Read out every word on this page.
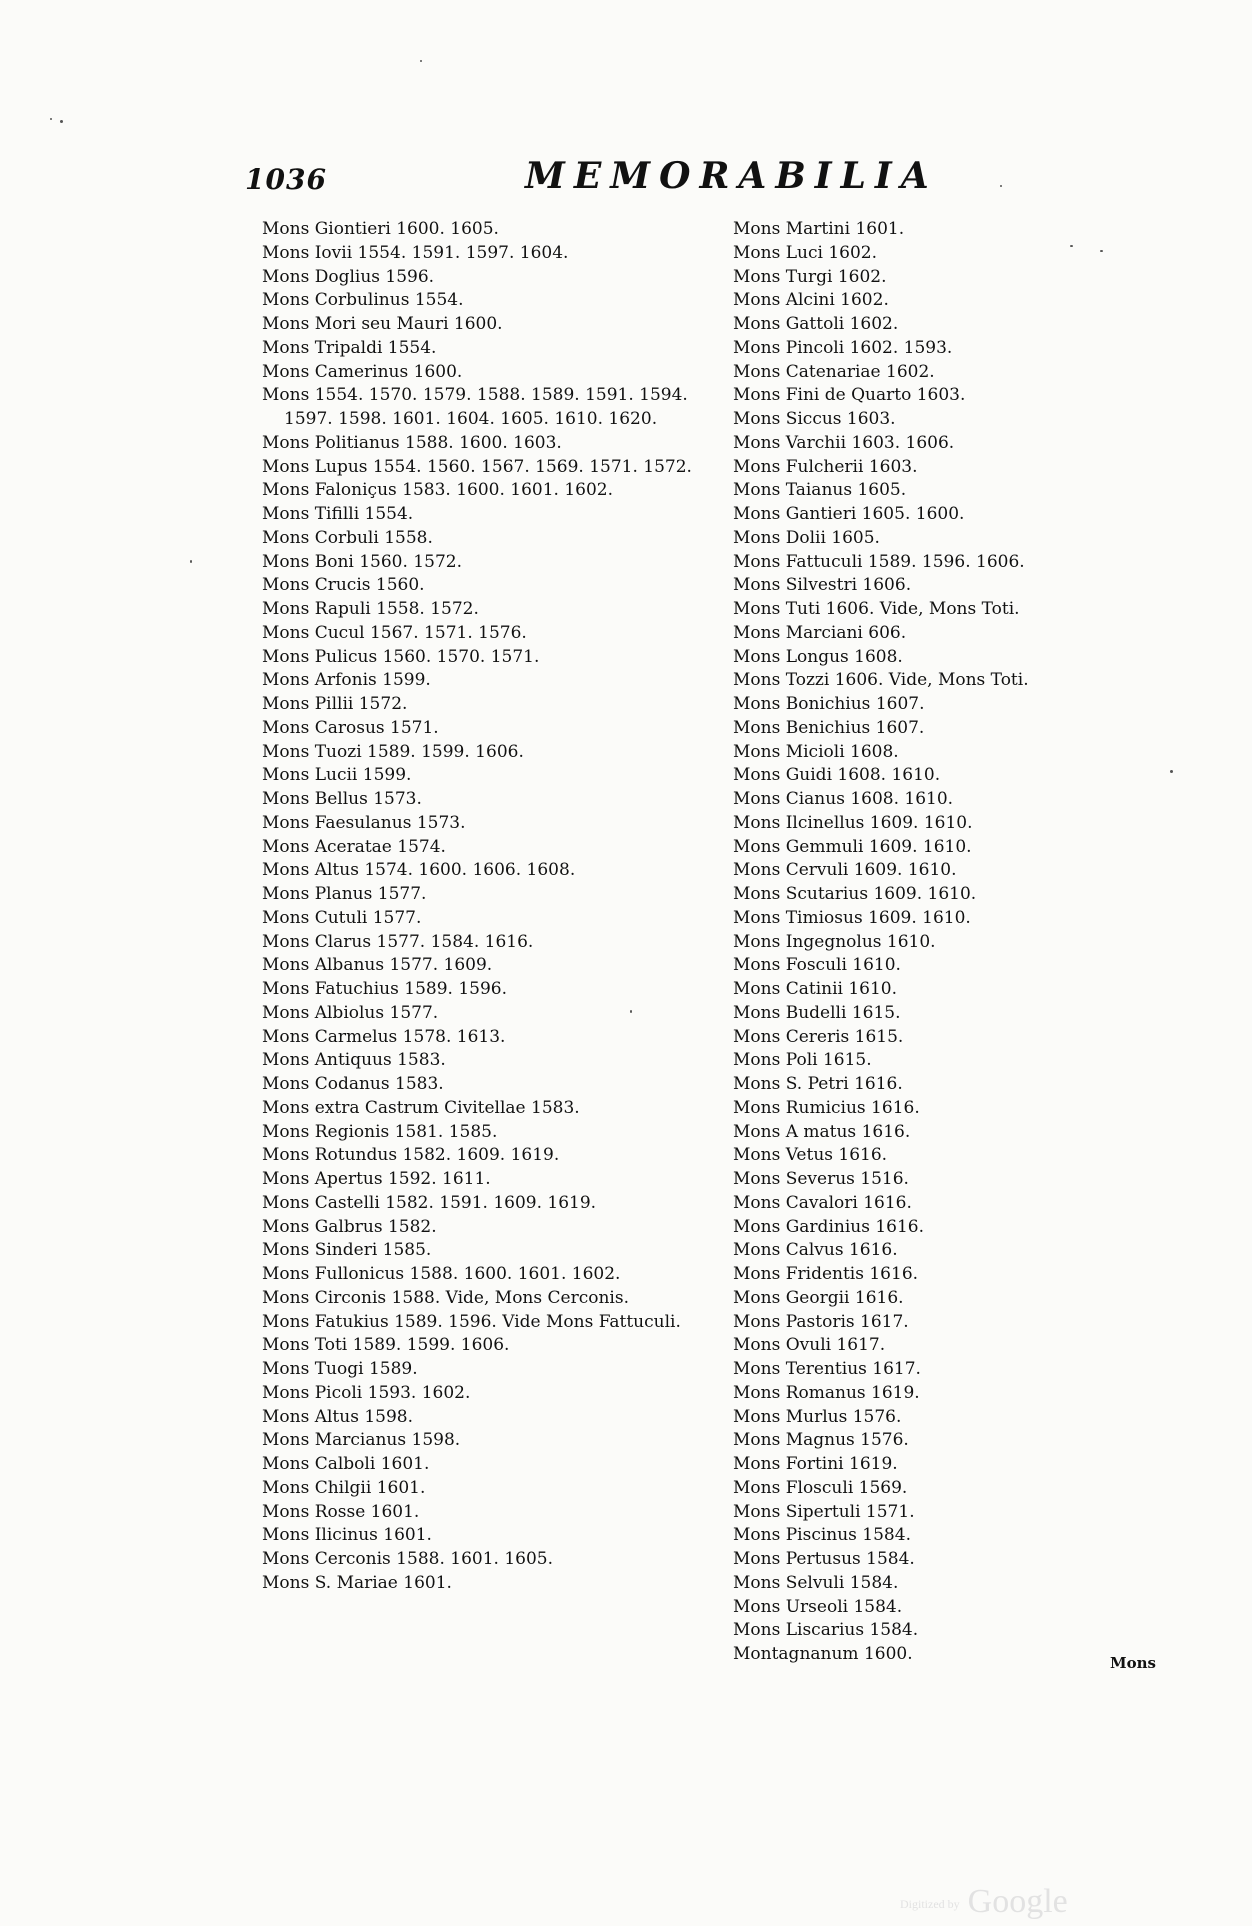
1036	MEMORABILIA
Mons Giontieri 1600. 1605.
Mons Iovii 1554. 1591. 1597. 1604.
Mons Doglius 1596.
Mons Corbulinus 1554.
Mons Mori seu Mauri 1600.
Mons Tripaldi 1554.
Mons Camerinus 1600.
Mons 1554. 1570. 1579. 1588. 1589. 1591. 1594. 1597. 1598. 1601. 1604. 1605. 1610. 1620.
Mons Politianus 1588. 1600. 1603.
Mons Lupus 1554. 1560. 1567. 1569. 1571. 1572.
Mons Faloniçus 1583. 1600. 1601. 1602.
Mons Tifilli 1554.
Mons Corbuli 1558.
Mons Boni 1560. 1572.
Mons Crucis 1560.
Mons Rapuli 1558. 1572.
Mons Cucul 1567. 1571. 1576.
Mons Pulicus 1560. 1570. 1571.
Mons Arfonis 1599.
Mons Pillii 1572.
Mons Carosus 1571.
Mons Tuozi 1589. 1599. 1606.
Mons Lucii 1599.
Mons Bellus 1573.
Mons Faesulanus 1573.
Mons Aceratae 1574.
Mons Altus 1574. 1600. 1606. 1608.
Mons Planus 1577.
Mons Cutuli 1577.
Mons Clarus 1577. 1584. 1616.
Mons Albanus 1577. 1609.
Mons Fatuchius 1589. 1596.
Mons Albiolus 1577.
Mons Carmelus 1578. 1613.
Mons Antiquus 1583.
Mons Codanus 1583.
Mons extra Castrum Civitellae 1583.
Mons Regionis 1581. 1585.
Mons Rotundus 1582. 1609. 1619.
Mons Apertus 1592. 1611.
Mons Castelli 1582. 1591. 1609. 1619.
Mons Galbrus 1582.
Mons Sinderi 1585.
Mons Fullonicus 1588. 1600. 1601. 1602.
Mons Circonis 1588. Vide, Mons Cerconis.
Mons Fatukius 1589. 1596. Vide Mons Fattuculi.
Mons Toti 1589. 1599. 1606.
Mons Tuogi 1589.
Mons Picoli 1593. 1602.
Mons Altus 1598.
Mons Marcianus 1598.
Mons Calboli 1601.
Mons Chilgii 1601.
Mons Rosse 1601.
Mons Ilicinus 1601.
Mons Cerconis 1588. 1601. 1605.
Mons S. Mariae 1601.
Mons Martini 1601.
Mons Luci 1602.
Mons Turgi 1602.
Mons Alcini 1602.
Mons Gattoli 1602.
Mons Pincoli 1602. 1593.
Mons Catenariae 1602.
Mons Fini de Quarto 1603.
Mons Siccus 1603.
Mons Varchii 1603. 1606.
Mons Fulcherii 1603.
Mons Taianus 1605.
Mons Gantieri 1605. 1600.
Mons Dolii 1605.
Mons Fattuculi 1589. 1596. 1606.
Mons Silvestri 1606.
Mons Tuti 1606. Vide, Mons Toti.
Mons Marciani 606.
Mons Longus 1608.
Mons Tozzi 1606. Vide, Mons Toti.
Mons Bonichius 1607.
Mons Benichius 1607.
Mons Micioli 1608.
Mons Guidi 1608. 1610.
Mons Cianus 1608. 1610.
Mons Ilcinellus 1609. 1610.
Mons Gemmuli 1609. 1610.
Mons Cervuli 1609. 1610.
Mons Scutarius 1609. 1610.
Mons Timiosus 1609. 1610.
Mons Ingegnolus 1610.
Mons Fosculi 1610.
Mons Catinii 1610.
Mons Budelli 1615.
Mons Cereris 1615.
Mons Poli 1615.
Mons S. Petri 1616.
Mons Rumicius 1616.
Mons A matus 1616.
Mons Vetus 1616.
Mons Severus 1516.
Mons Cavalori 1616.
Mons Gardinius 1616.
Mons Calvus 1616.
Mons Fridentis 1616.
Mons Georgii 1616.
Mons Pastoris 1617.
Mons Ovuli 1617.
Mons Terentius 1617.
Mons Romanus 1619.
Mons Murlus 1576.
Mons Magnus 1576.
Mons Fortini 1619.
Mons Flosculi 1569.
Mons Sipertuli 1571.
Mons Piscinus 1584.
Mons Pertusus 1584.
Mons Selvuli 1584.
Mons Urseoli 1584.
Mons Liscarius 1584.
Montagnanum 1600.	Mons
Digitized by Google
